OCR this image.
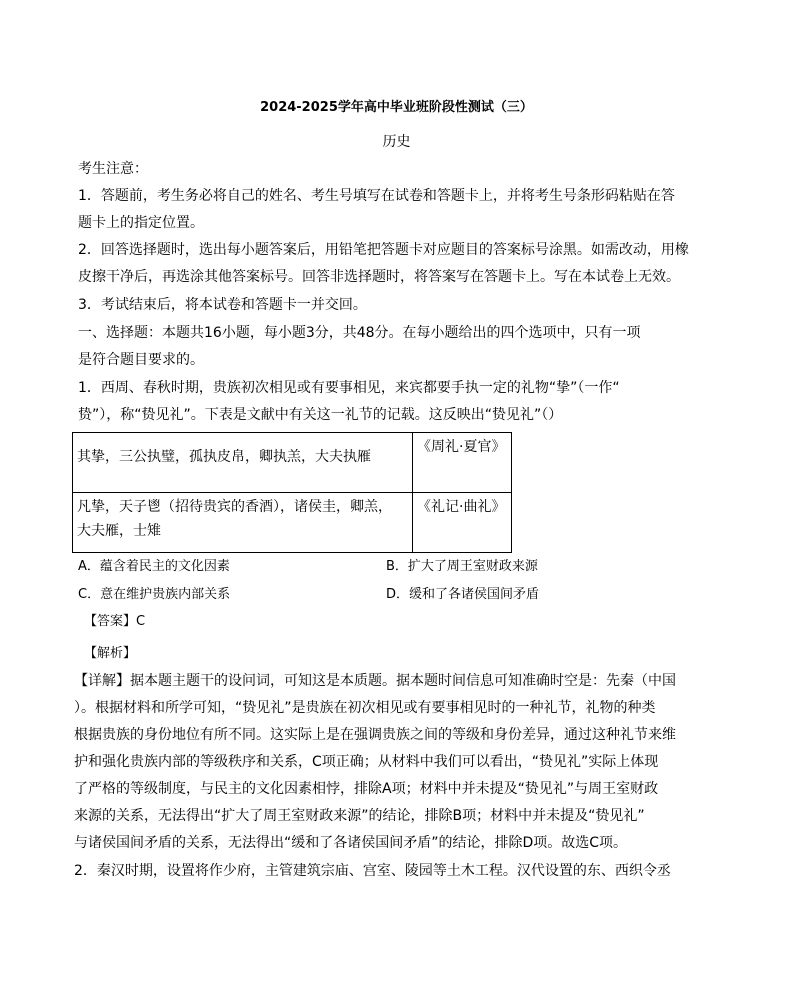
2024-2025学年高中毕业班阶段性测试（三）
历史
考生注意：
1．答题前，考生务必将自己的姓名、考生号填写在试卷和答题卡上，并将考生号条形码粘贴在答
题卡上的指定位置。
2．回答选择题时，选出每小题答案后，用铅笔把答题卡对应题目的答案标号涂黑。如需改动，用橡
皮擦干净后，再选涂其他答案标号。回答非选择题时，将答案写在答题卡上。写在本试卷上无效。
3．考试结束后，将本试卷和答题卡一并交回。
一、选择题：本题共16小题，每小题3分，共48分。在每小题给出的四个选项中，只有一项
是符合题目要求的。
1．西周、春秋时期，贵族初次相见或有要事相见，来宾都要手执一定的礼物“挚”（一作“
贽”），称“贽见礼”。下表是文献中有关这一礼节的记载。这反映出“贽见礼”（）
其挚，三公执璧，孤执皮帛，卿执羔，大夫执雁	《周礼·夏官》

凡挚，天子鬯（招待贵宾的香酒），诸侯圭，卿羔，
大夫雁，士雉	《礼记·曲礼》
A．蕴含着民主的文化因素	B．扩大了周王室财政来源
C．意在维护贵族内部关系	D．缓和了各诸侯国间矛盾
【答案】C
【解析】
【详解】据本题主题干的设问词，可知这是本质题。据本题时间信息可知准确时空是：先秦（中国
）。根据材料和所学可知，“贽见礼”是贵族在初次相见或有要事相见时的一种礼节，礼物的种类
根据贵族的身份地位有所不同。这实际上是在强调贵族之间的等级和身份差异，通过这种礼节来维
护和强化贵族内部的等级秩序和关系，C项正确；从材料中我们可以看出，“贽见礼”实际上体现
了严格的等级制度，与民主的文化因素相悖，排除A项；材料中并未提及“贽见礼”与周王室财政
来源的关系，无法得出“扩大了周王室财政来源”的结论，排除B项；材料中并未提及“贽见礼”
与诸侯国间矛盾的关系，无法得出“缓和了各诸侯国间矛盾”的结论，排除D项。故选C项。
2．秦汉时期，设置将作少府，主管建筑宗庙、宫室、陵园等土木工程。汉代设置的东、西织令丞
